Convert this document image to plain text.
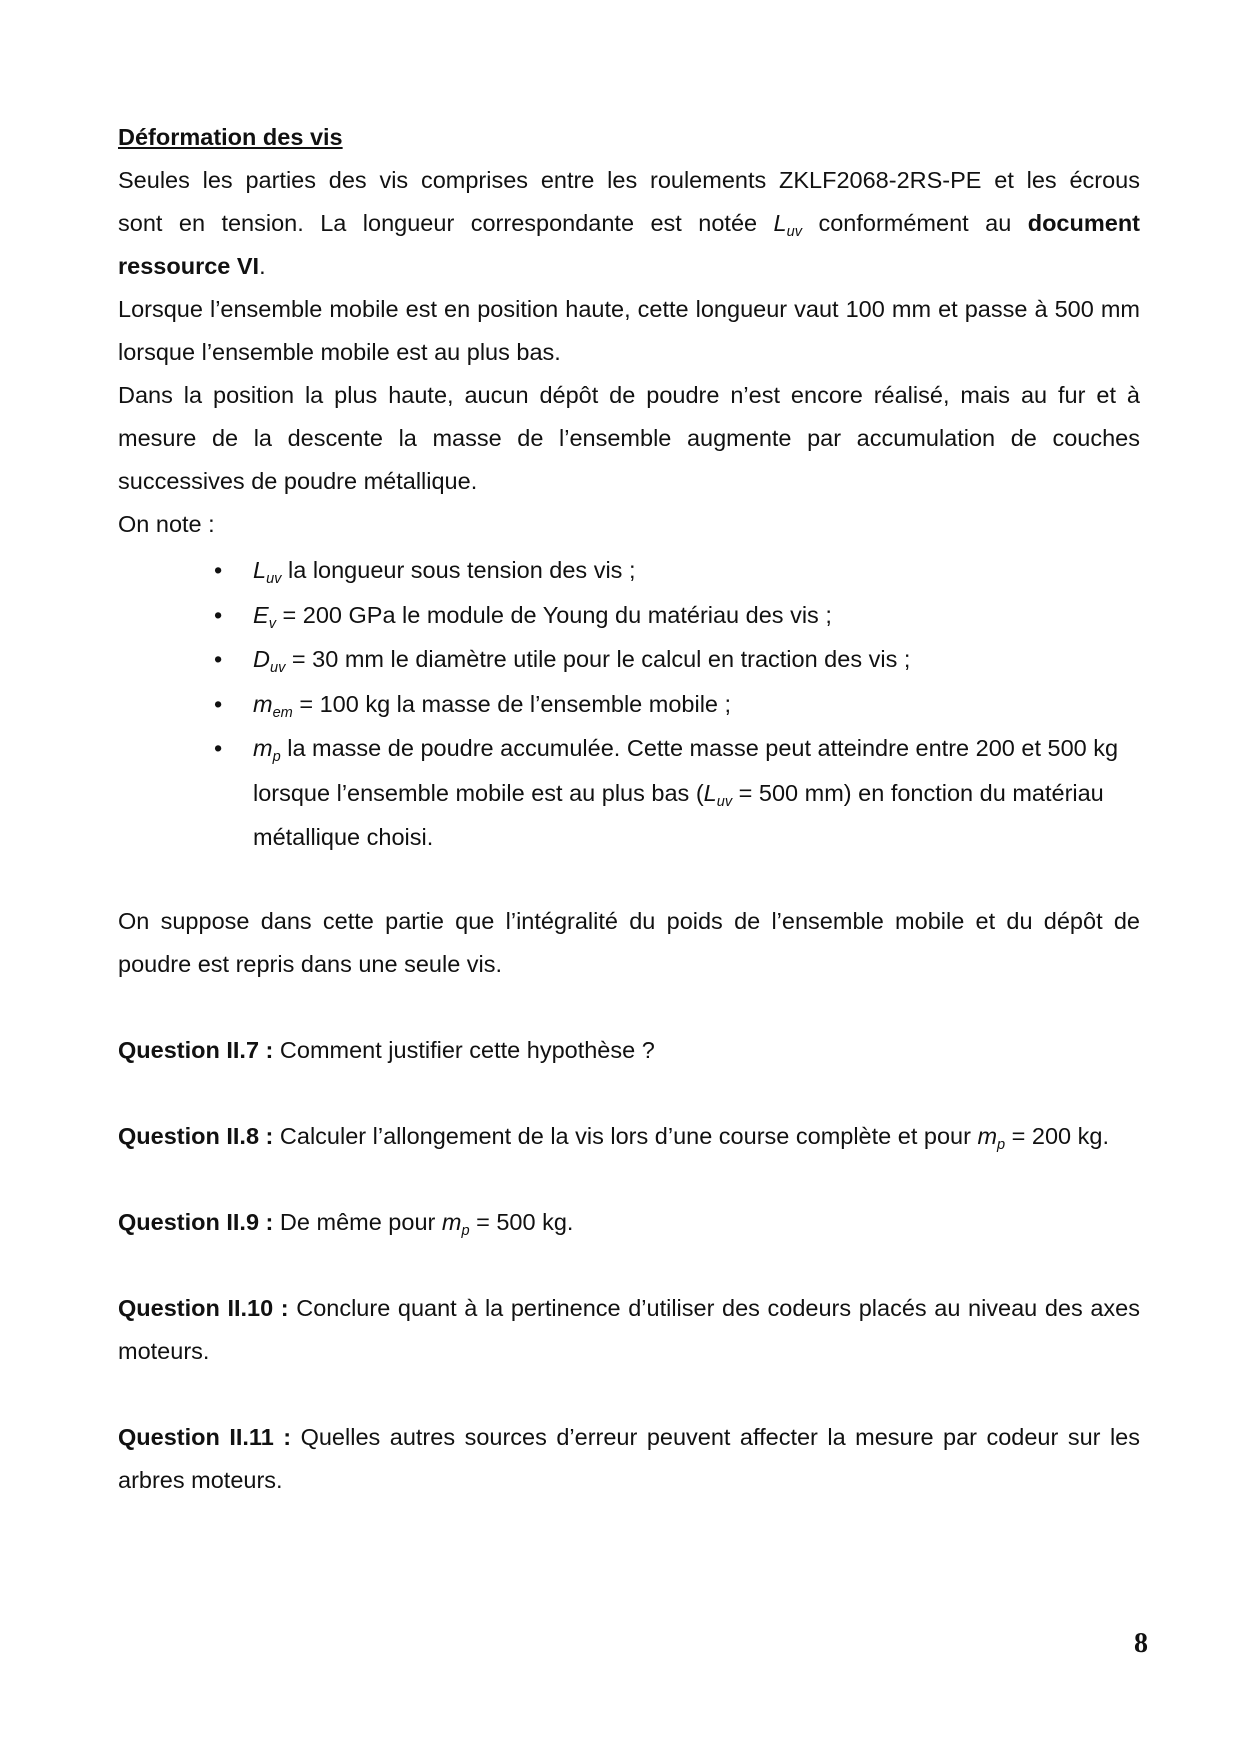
Déformation des vis

Seules les parties des vis comprises entre les roulements ZKLF2068-2RS-PE et les écrous

sont en tension. La longueur correspondante est notée $L_{uv}$ conformément au document ressource VI.

Lorsque l’ensemble mobile est en position haute, cette longueur vaut 100 mm et passe à 500 mm lorsque l’ensemble mobile est au plus bas.

Dans la position la plus haute, aucun dépôt de poudre n’est encore réalisé, mais au fur et à mesure de la descente la masse de l’ensemble augmente par accumulation de couches successives de poudre métallique.

On note :

• $L_{uv}$ la longueur sous tension des vis ;
• $E_v = 200$ GPa le module de Young du matériau des vis ;
• $D_{uv} = 30$ mm le diamètre utile pour le calcul en traction des vis ;
• $m_{em} = 100$ kg la masse de l’ensemble mobile ;
• $m_p$ la masse de poudre accumulée. Cette masse peut atteindre entre 200 et 500 kg lorsque l’ensemble mobile est au plus bas ($L_{uv} = 500$ mm) en fonction du matériau métallique choisi.

On suppose dans cette partie que l’intégralité du poids de l’ensemble mobile et du dépôt de poudre est repris dans une seule vis.

Question II.7 : Comment justifier cette hypothèse ?

Question II.8 : Calculer l’allongement de la vis lors d’une course complète et pour $m_p = 200$ kg.

Question II.9 : De même pour $m_p = 500$ kg.

Question II.10 : Conclure quant à la pertinence d’utiliser des codeurs placés au niveau des axes moteurs.

Question II.11 : Quelles autres sources d’erreur peuvent affecter la mesure par codeur sur les arbres moteurs.

8
